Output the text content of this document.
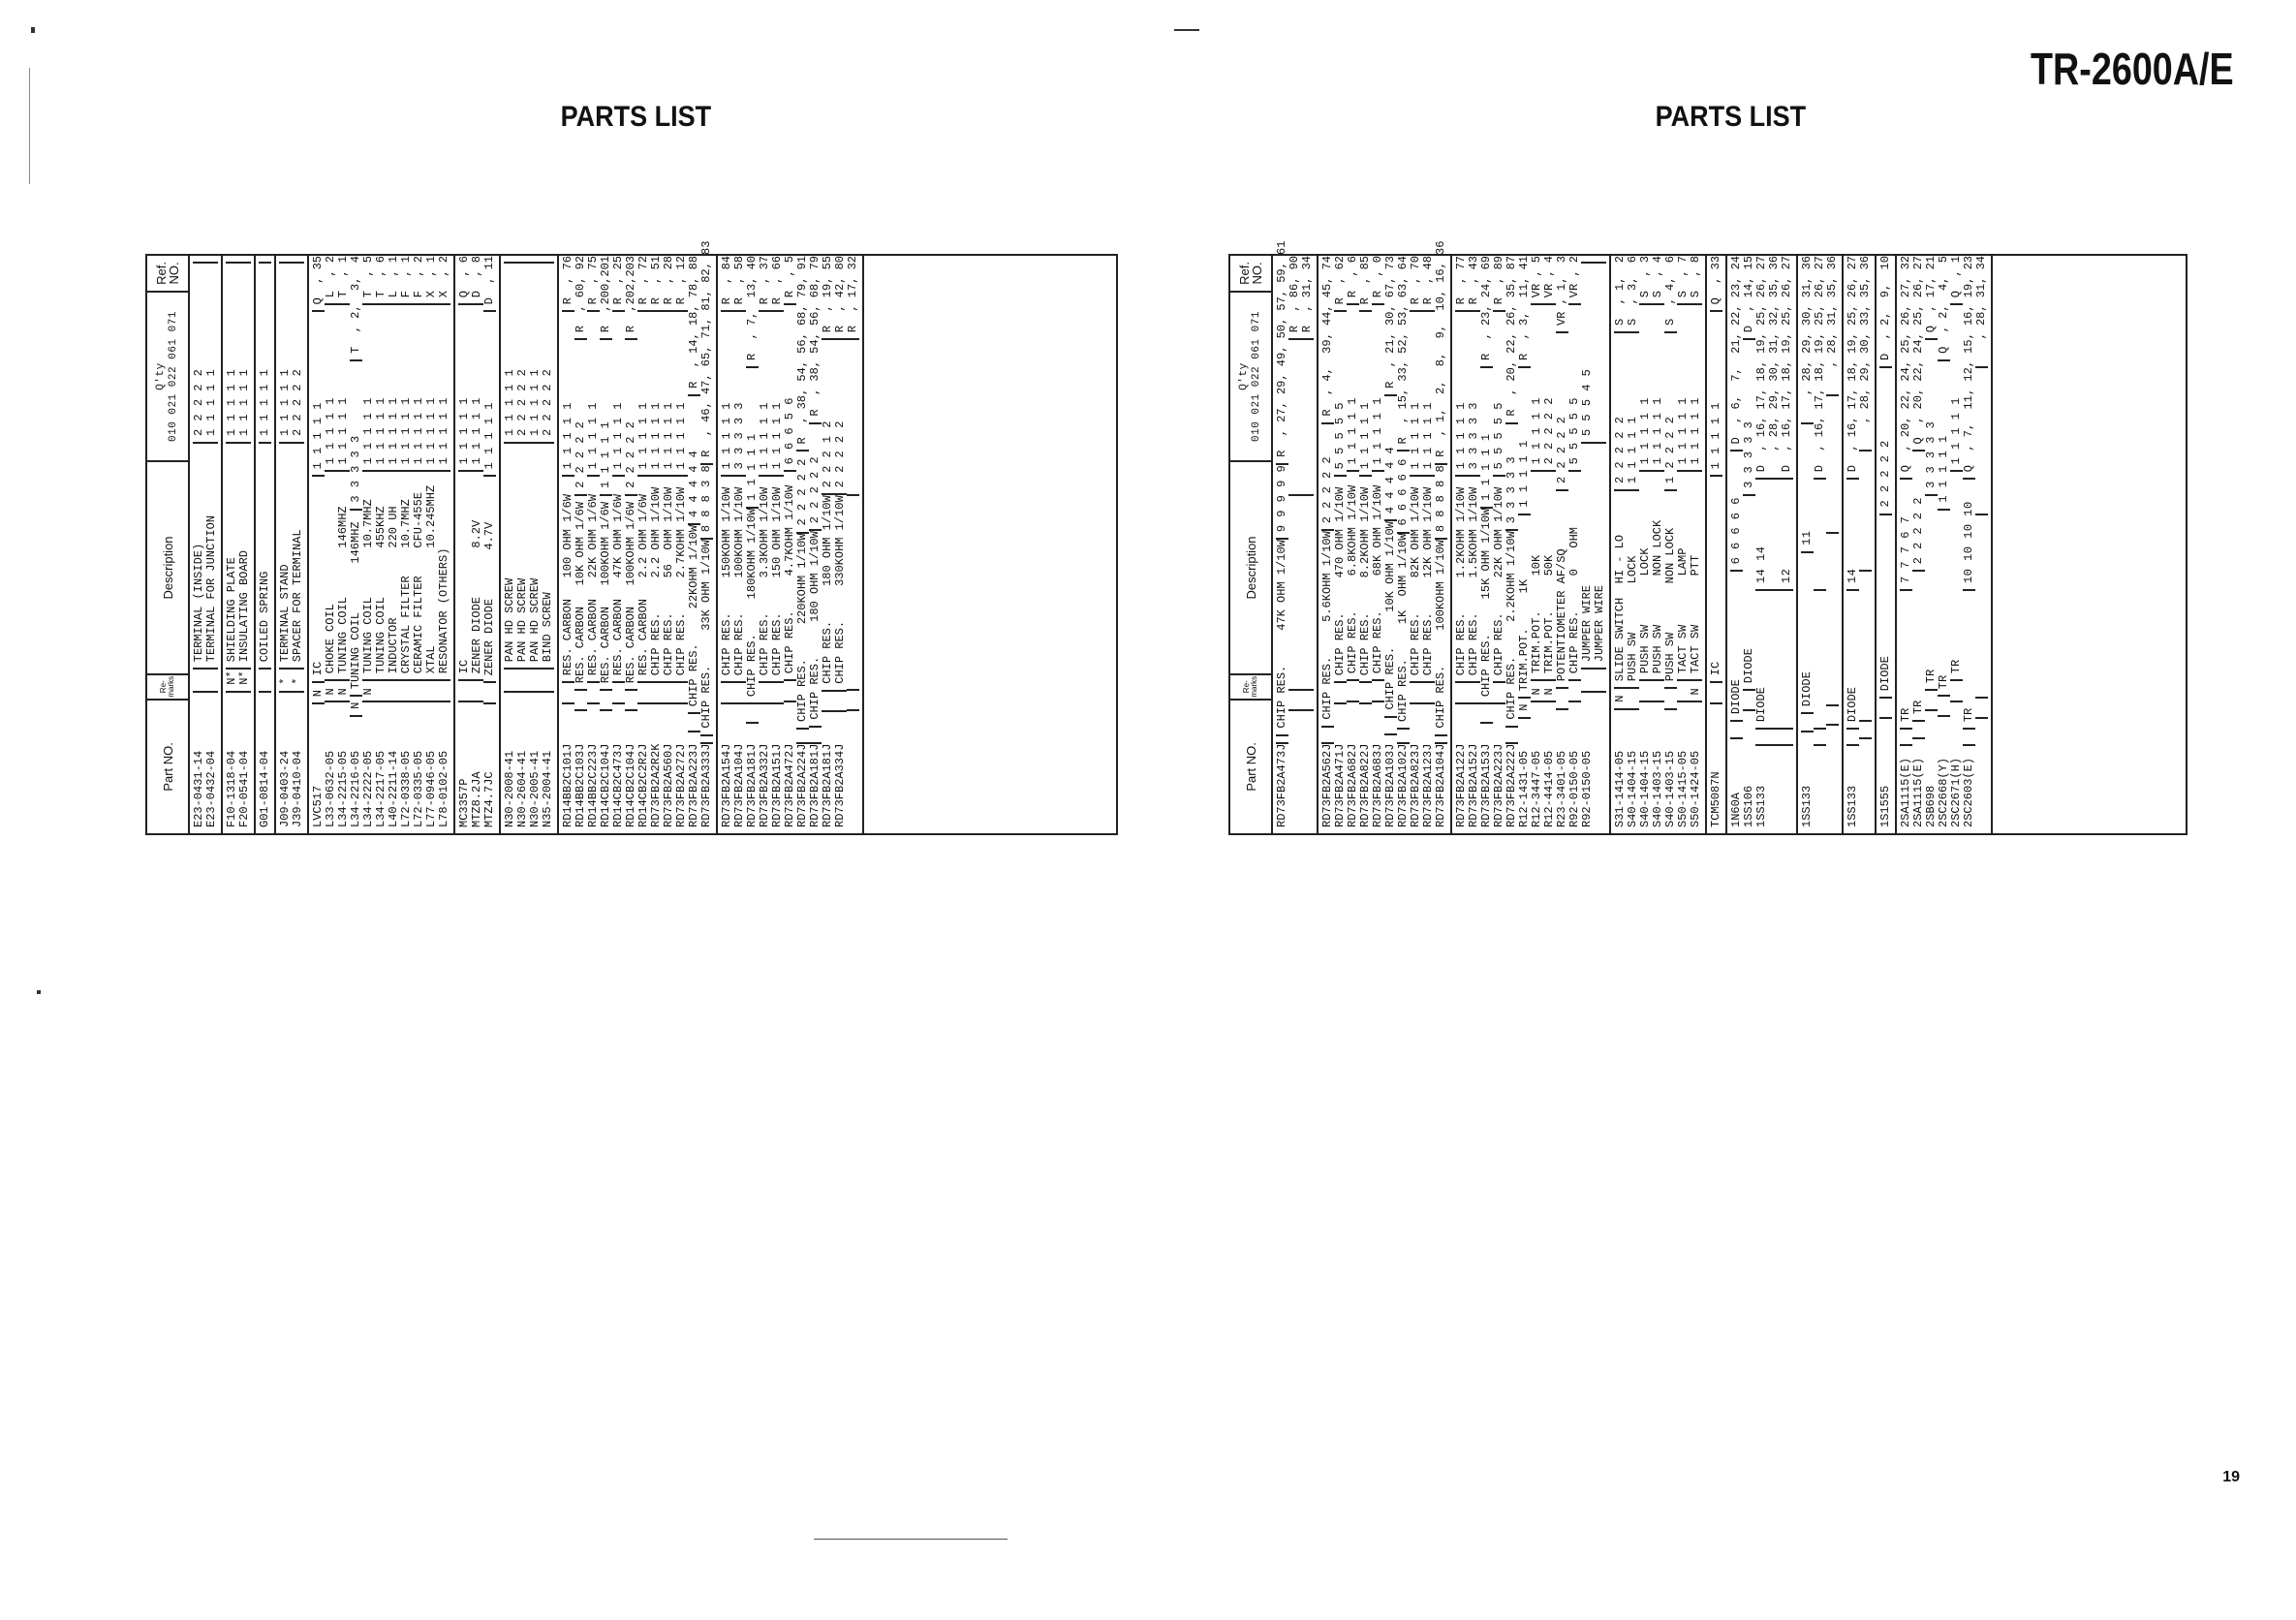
TR-2600A/E
PARTS LIST	PARTS LIST
Part NO.
Re-marks
Description
Q'ty 010 021 022 061 071
Ref. NO.
E23-0431-14
TERMINAL (INSIDE)
2 2 2 2 2
E23-0432-04
TERMINAL FOR JUNCTION
1 1 1 1 1
F10-1318-04
N*
SHIELDING PLATE
1 1 1 1 1
F20-0541-04
N*
INSULATING BOARD
1 1 1 1 1
G01-0814-04
COILED SPRING
1 1 1 1 1
J09-0403-24
*
TERMINAL STAND
1 1 1 1 1
J39-0410-04
*
SPACER FOR TERMINAL
2 2 2 2 2
LVC517
N
IC
1 1 1 1 1
Q  , 35
L33-0632-05
N
CHOKE COIL
1 1 1 1 1
L  , 2
L34-2215-05
N
TUNING COIL       146MHZ
1 1 1 1 1
T  , 1
L34-2216-05
N
TUNING COIL       146MHZ
3 3 3 3 3
T  , 2,  3,  4
L34-2222-05
N
TUNING COIL       10.7MHZ
1 1 1 1 1
T  , 5
L34-2217-05
TUNING COIL       455KHZ
1 1 1 1 1
T  , 6
L40-2211-14
INDUCTOR          220 UH
1 1 1 1 1
L  , 1
L72-0338-05
CRYSTAL FILTER    10.7MHZ
1 1 1 1 1
F  , 1
L72-0335-05
CERAMIC FILTER    CFU-455E
1 1 1 1 1
F  , 2
L77-0946-05
XTAL              10.245MHZ
1 1 1 1 1
X  , 1
L78-0102-05
RESONATOR (OTHERS)
1 1 1 1 1
X  , 2
MC3357P
IC
1 1 1 1 1
Q  , 6
MTZ8.2JA
ZENER DIODE       8.2V
1 1 1 1 1
D  , 8
MTZ4.7JC
ZENER DIODE       4.7V
1 1 1 1 1
D  , 11
N30-2008-41
PAN HD SCREW
1 1 1 1 1
N30-2604-41
PAN HD SCREW
2 2 2 2 2
N30-2005-41
PAN HD SCREW
1 1 1 1 1
N35-2004-41
BIND SCREW
2 2 2 2 2
RD14BB2C101J
RES. CARBON   100 OHM 1/6W
1 1 1 1 1
R  , 76
RD14BB2C103J
RES. CARBON   10K OHM 1/6W
2 2 2 2 2
R  , 60, 92
RD14BB2C223J
RES. CARBON   22K OHM 1/6W
1 1 1 1 1
R  , 75
RD14CB2C104J
RES. CARBON   100KOHM 1/6W
1 1 1 1 1
R  ,200,201
RD14CB2C473J
RES. CARBON   47K OHM 1/6W
1 1 1 1 1
R  , 25
RD14CB2C104J
RES. CARBON   100KOHM 1/6W
2 2 2 2 2
R  ,202,203
RD14CB2C2R2J
RES. CARBON   2.2 OHM 1/6W
1 1 1 1 1
R  , 72
RD73FB2A2R2K
CHIP RES.     2.2 OHM 1/10W
1 1 1 1 1
R  , 51
RD73FB2A560J
CHIP RES.     56  OHM 1/10W
1 1 1 1 1
R  , 28
RD73FB2A272J
CHIP RES.     2.7KOHM 1/10W
1 1 1 1 1
R  , 12
RD73FB2A223J
CHIP RES.     22KOHM 1/10W
4 4 4 4 4
R  , 14, 18, 78, 88
RD73FB2A333J
CHIP RES.     33K OHM 1/10W
8 8 8 3 8
R  , 46, 47, 65, 71, 81, 82, 83
RD73FB2A154J
CHIP RES.     150KOHM 1/10W
1 1 1 1 1
R  , 84
RD73FB2A104J
CHIP RES.     100KOHM 1/10W
3 3 3 3 3
R  , 58
RD73FB2A181J
CHIP RES.     180KOHM 1/10W
1 1 1 1 1
R  , 7,  13, 40
RD73FB2A332J
CHIP RES.     3.3KOHM 1/10W
1 1 1 1 1
R  , 37
RD73FB2A151J
CHIP RES.     150 OHM 1/10W
1 1 1 1 1
R  , 66
RD73FB2A472J
CHIP RES.     4.7KOHM 1/10W
6 6 6 5 6
R  , 5
RD73FB2A224J
CHIP RES.     220KOHM 1/10W
2 2 2 2 2
R  , 38, 54, 56, 68, 79, 91
RD73FB2A181J
CHIP RES.     180 OHM 1/10W
2 2 2 2 2
R  , 38, 54, 56, 68, 79
RD73FB2A181J
CHIP RES.     180 OHM 1/10W
2 2 2 1 2
R  , 19, 55
RD73FB2A334J
CHIP RES.     330KOHM 1/10W
2 2 2 2 2
R  , 42, 80 R  , 17, 32
Part NO.
Re-marks
Description
Q'ty 010 021 022 061 071
Ref. NO.
RD73FB2A473J
CHIP RES.     47K OHM 1/10W
9 9 9 9 9
R  , 27, 29, 49, 50, 57, 59, 61 R  , 86, 90 R  , 31, 34
RD73FB2A562J
CHIP RES.     5.6KOHM 1/10W
2 2 2 2 2
R  , 4,  39, 44, 45, 74
RD73FB2A471J
CHIP RES.     470 OHM 1/10W
5 5 5 5 5
R  , 62
RD73FB2A682J
CHIP RES.     6.8KOHM 1/10W
1 1 1 1 1
R  , 6
RD73FB2A822J
CHIP RES.     8.2KOHM 1/10W
1 1 1 1 1
R  , 85
RD73FB2A683J
CHIP RES.     68K OHM 1/10W
1 1 1 1 1
R  , 0
RD73FB2A103J
CHIP RES.     10K OHM 1/10W
4 4 4 4 4
R  , 21, 30, 67, 73
RD73FB2A102J
CHIP RES.     1K  OHM 1/10W
6 6 6 6 6
R  , 15, 33, 52, 53, 63, 64
RD73FB2A823J
CHIP RES.     82K OHM 1/10W
1 1 1 1 1
R  , 70
RD73FB2A123J
CHIP RES.     12K OHM 1/10W
1 1 1 1 1
R  , 48
RD73FB2A104J
CHIP RES.     100KOHM 1/10W
8 8 8 8 8
R  , 1,  2,  8,  9,  10, 16, 36
RD73FB2A122J
CHIP RES.     1.2KOHM 1/10W
1 1 1 1 1
R  , 77
RD73FB2A152J
CHIP RES.     1.5KOHM 1/10W
3 3 3 3 3
R  , 43
RD73FB2A153J
CHIP RES.     15K OHM 1/10W
1 1 1 1 1
R  , 23, 24, 69
RD73FB2A223J
CHIP RES.     22K OHM 1/10W
5 5 5 5 5
R  , 89
RD73FB2A222J
CHIP RES.     2.2KOHM 1/10W
3 3 3 3 3
R  , 20, 22, 26, 35, 87
R12-1431-05
N
TRIM.POT.     1K
1 1 1 1 1
R  , 3,  11, 41
R12-3447-05
N
TRIM.POT.     10K
1 1 1 1 1
VR , 5
R12-4414-05
N
TRIM.POT.     50K
2 2 2 2 2
VR , 4
R23-3401-05
POTENTIOMETER AF/SQ
2 2 2 2 2
VR , 1,  3
R92-0150-05
CHIP RES.     0   OHM
5 5 5 5 5
VR , 2
R92-0150-05
JUMPER WIRE
5 5 5 4 5
JUMPER WIRE
S31-1414-05
N
SLIDE SWITCH  HI - LO
2 2 2 2 2
S  , 1,  2
S40-1404-15
PUSH SW       LOCK
1 1 1 1 1
S  , 3,  6
S40-1404-15
PUSH SW       LOCK
1 1 1 1 1
S  , 3
S40-1403-15
PUSH SW       NON LOCK
1 1 1 1 1
S  , 4
S40-1403-15
PUSH SW       NON LOCK
1 2 2 2 2
S  , 4,  6
S50-1415-05
TACT SW       LAMP
1 1 1 1 1
S  , 7
S50-1424-05
N
TACT SW       PTT
1 1 1 1 1
S  , 8
TCM5087N
IC
1 1 1 1 1
Q  , 33
1N60A
DIODE
6 6 6 6 6
D  , 6,  7,  21, 22, 23, 24
1SS106
DIODE
3 3 3 3 3
D  , 14, 15
1SS133
DIODE
14 14
D  , 16, 17, 18, 19, 25, 26, 27 , 28, 29, 30, 31, 32, 35, 36
12
D  , 16, 17, 18, 19, 25, 26, 27
1SS133
DIODE
11
, 28, 29, 30, 31, 36 D  , 16, 17, 18, 19, 25, 26, 27 , 28, 31, 35, 36
1SS133
DIODE
14
D  , 16, 17, 18, 19, 25, 26, 27 , 28, 29, 30, 33, 35, 36
1S1555
DIODE
2 2 2 2 2
D  , 2,  9,  10
2SA1115(E)
TR
7 7 7 6 7
Q  , 20, 22, 24, 25, 26, 27, 32
2SA1115(E)
TR
2 2 2 2 2
Q  , 20, 22, 24, 25, 26, 27
2SB698
TR
3 3 3 3 3
Q  , 17, 21
2SC2668(Y)
TR
1 1 1 1 1
Q  , 2,  4,  5
2SC2671(H)
TR
1 1 1 1 1
Q  , 1
2SC2603(E)
TR
10 10 10 10
Q  , 7,  11, 12, 15, 16, 19, 23 , 28, 31, 34
19
